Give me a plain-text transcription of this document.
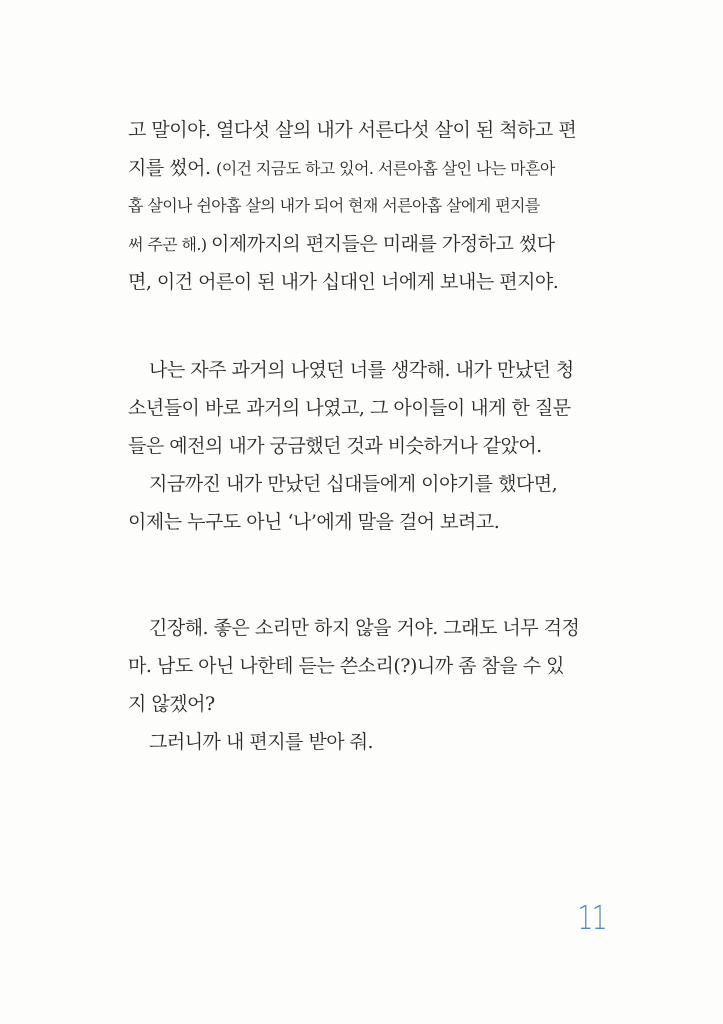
고 말이야. 열다섯 살의 내가 서른다섯 살이 된 척하고 편
지를 썼어. (이건 지금도 하고 있어. 서른아홉 살인 나는 마흔아
홉 살이나 쉰아홉 살의 내가 되어 현재 서른아홉 살에게 편지를
써 주곤 해.) 이제까지의 편지들은 미래를 가정하고 썼다
면, 이건 어른이 된 내가 십대인 너에게 보내는 편지야.
나는 자주 과거의 나였던 너를 생각해. 내가 만났던 청
소년들이 바로 과거의 나였고, 그 아이들이 내게 한 질문
들은 예전의 내가 궁금했던 것과 비슷하거나 같았어.
지금까진 내가 만났던 십대들에게 이야기를 했다면,
이제는 누구도 아닌 ‘나’에게 말을 걸어 보려고.
긴장해. 좋은 소리만 하지 않을 거야. 그래도 너무 걱정
마. 남도 아닌 나한테 듣는 쓴소리(?)니까 좀 참을 수 있
지 않겠어?
그러니까 내 편지를 받아 줘.
11
